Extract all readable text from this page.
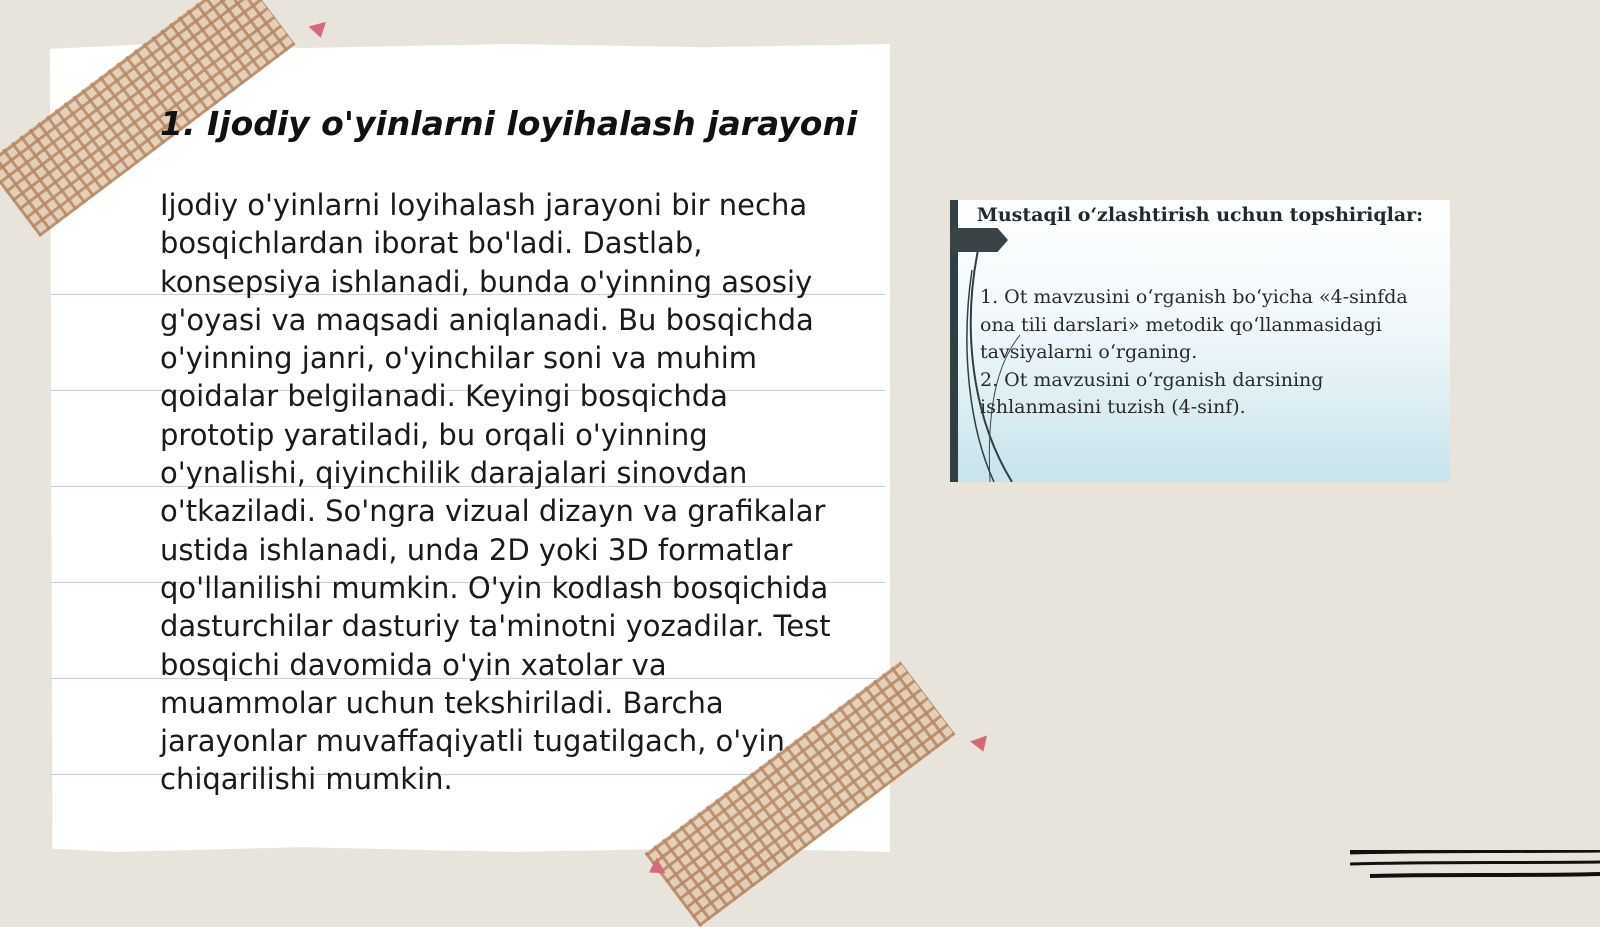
1. Ijodiy o'yinlarni loyihalash jarayoni

Ijodiy o'yinlarni loyihalash jarayoni bir necha bosqichlardan iborat bo'ladi. Dastlab, konsepsiya ishlanadi, bunda o'yinning asosiy g'oyasi va maqsadi aniqlanadi. Bu bosqichda o'yinning janri, o'yinchilar soni va muhim qoidalar belgilanadi. Keyingi bosqichda prototip yaratiladi, bu orqali o'yinning o'ynalishi, qiyinchilik darajalari sinovdan o'tkaziladi. So'ngra vizual dizayn va grafikalar ustida ishlanadi, unda 2D yoki 3D formatlar qo'llanilishi mumkin. O'yin kodlash bosqichida dasturchilar dasturiy ta'minotni yozadilar. Test bosqichi davomida o'yin xatolar va muammolar uchun tekshiriladi. Barcha jarayonlar muvaffaqiyatli tugatilgach, o'yin chiqarilishi mumkin.

Mustaqil o‘zlashtirish uchun topshiriqlar:
1. Ot mavzusini o‘rganish bo‘yicha «4-sinfda ona tili darslari» metodik qo‘llanmasidagi tavsiyalarni o‘rganing.
2. Ot mavzusini o‘rganish darsining ishlanmasini tuzish (4-sinf).
